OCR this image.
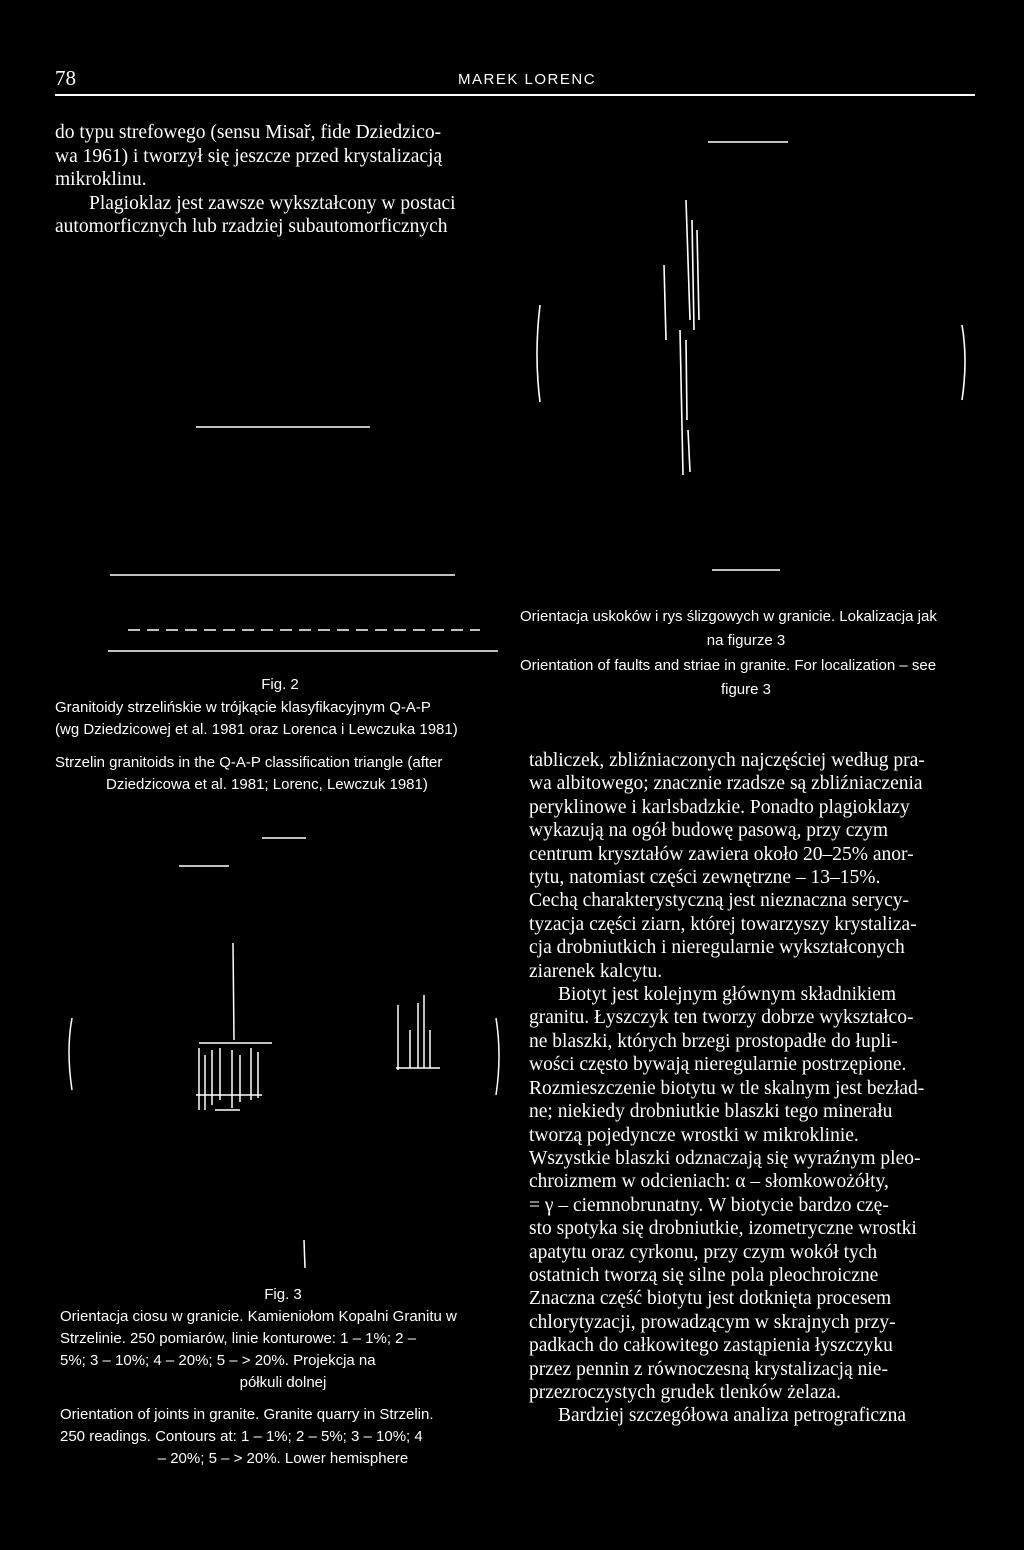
78	MAREK LORENC
do typu strefowego (sensu Misař, fide Dziedzico-
wa 1961) i tworzył się jeszcze przed krystalizacją
mikroklinu.
Plagioklaz jest zawsze wykształcony w postaci
automorficznych lub rzadziej subautomorficznych
Fig. 2
Granitoidy strzelińskie w trójkącie klasyfikacyjnym Q-A-P
(wg Dziedzicowej et al. 1981 oraz Lorenca i Lewczuka 1981)
Strzelin granitoids in the Q-A-P classification triangle (after
Dziedzicowa et al. 1981; Lorenc, Lewczuk 1981)
Fig. 3
Orientacja ciosu w granicie. Kamieniołom Kopalni Granitu w
Strzelinie. 250 pomiarów, linie konturowe: 1 – 1%; 2 –
5%; 3 – 10%; 4 – 20%; 5 – > 20%. Projekcja na
półkuli dolnej
Orientation of joints in granite. Granite quarry in Strzelin.
250 readings. Contours at: 1 – 1%; 2 – 5%; 3 – 10%; 4
– 20%; 5 – > 20%. Lower hemisphere
Orientacja uskoków i rys ślizgowych w granicie. Lokalizacja jak
na figurze 3
Orientation of faults and striae in granite. For localization – see
figure 3
tabliczek, zbliźniaczonych najczęściej według pra-
wa albitowego; znacznie rzadsze są zbliźniaczenia
peryklinowe i karlsbadzkie. Ponadto plagioklazy
wykazują na ogół budowę pasową, przy czym
centrum kryształów zawiera około 20–25% anor-
tytu, natomiast części zewnętrzne – 13–15%.
Cechą charakterystyczną jest nieznaczna serycy-
tyzacja części ziarn, której towarzyszy krystaliza-
cja drobniutkich i nieregularnie wykształconych
ziarenek kalcytu.
Biotyt jest kolejnym głównym składnikiem
granitu. Łyszczyk ten tworzy dobrze wykształco-
ne blaszki, których brzegi prostopadłe do łupli-
wości często bywają nieregularnie postrzępione.
Rozmieszczenie biotytu w tle skalnym jest bezład-
ne; niekiedy drobniutkie blaszki tego minerału
tworzą pojedyncze wrostki w mikroklinie.
Wszystkie blaszki odznaczają się wyraźnym pleo-
chroizmem w odcieniach: α – słomkowożółty,
= γ – ciemnobrunatny. W biotycie bardzo czę-
sto spotyka się drobniutkie, izometryczne wrostki
apatytu oraz cyrkonu, przy czym wokół tych
ostatnich tworzą się silne pola pleochroiczne
Znaczna część biotytu jest dotknięta procesem
chlorytyzacji, prowadzącym w skrajnych przy-
padkach do całkowitego zastąpienia łyszczyku
przez pennin z równoczesną krystalizacją nie-
przezroczystych grudek tlenków żelaza.
Bardziej szczegółowa analiza petrograficzna
